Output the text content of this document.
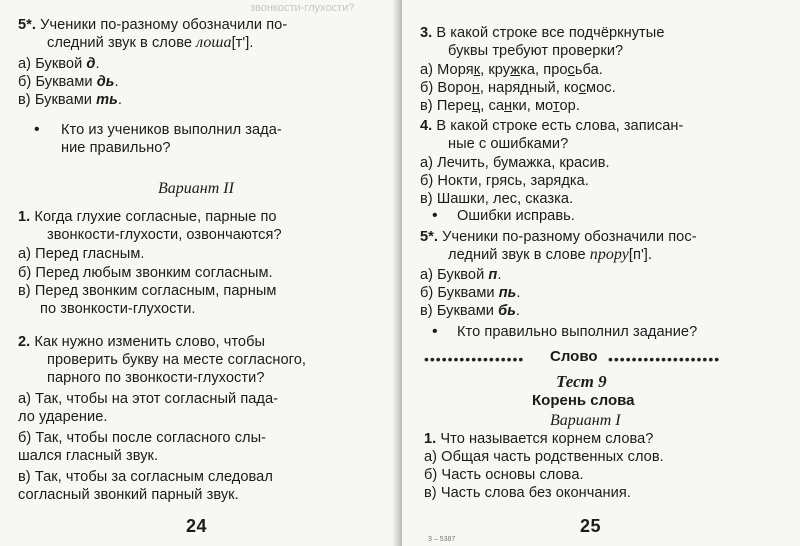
звонкости-глухости?
5*. Ученики по-разному обозначили по-
следний звук в слове лоша[т'].
а) Буквой д.
б) Буквами дь.
в) Буквами ть.
• Кто из учеников выполнил зада-
ние правильно?
Вариант II
1. Когда глухие согласные, парные по
звонкости-глухости, озвончаются?
а) Перед гласным.
б) Перед любым звонким согласным.
в) Перед звонким согласным, парным
по звонкости-глухости.
2. Как нужно изменить слово, чтобы
проверить букву на месте согласного,
парного по звонкости-глухости?
а) Так, чтобы на этот согласный пада-
ло ударение.
б) Так, чтобы после согласного слы-
шался гласный звук.
в) Так, чтобы за согласным следовал
согласный звонкий парный звук.
24
3. В какой строке все подчёркнутые
буквы требуют проверки?
а) Моряк, кружка, просьба.
б) Ворон, нарядный, космос.
в) Перец, санки, мотор.
4. В какой строке есть слова, записан-
ные с ошибками?
а) Лечить, бумажка, красив.
б) Нокти, грясь, зарядка.
в) Шашки, лес, сказка.
• Ошибки исправь.
5*. Ученики по-разному обозначили пос-
ледний звук в слове прору[п'].
а) Буквой п.
б) Буквами пь.
в) Буквами бь.
• Кто правильно выполнил задание?
•••••••••••••••••	Слово •••••••••••••••••••
Тест 9
Корень слова
Вариант I
1. Что называется корнем слова?
а) Общая часть родственных слов.
б) Часть основы слова.
в) Часть слова без окончания.
25
3 – 5387
